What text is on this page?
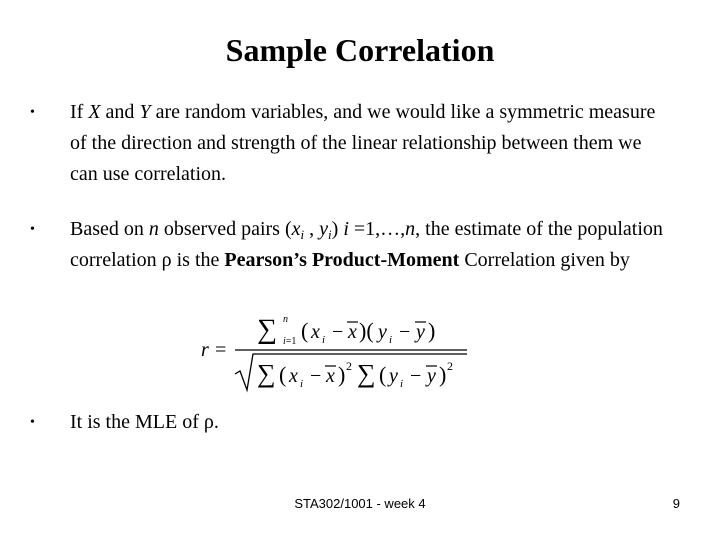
Sample Correlation
• If X and Y are random variables, and we would like a symmetric measure of the direction and strength of the linear relationship between them we can use correlation.
• Based on n observed pairs ($x_i$ , $y_i$) i =1,…,n, the estimate of the population correlation ρ is the Pearson’s Product-Moment Correlation given by
r =
∑ n
i=1 ( x i − x )( y i − y )
∑ ( x i − x ) 2 ∑ ( y i − y ) 2
• It is the MLE of ρ.
STA302/1001 - week 4	9
